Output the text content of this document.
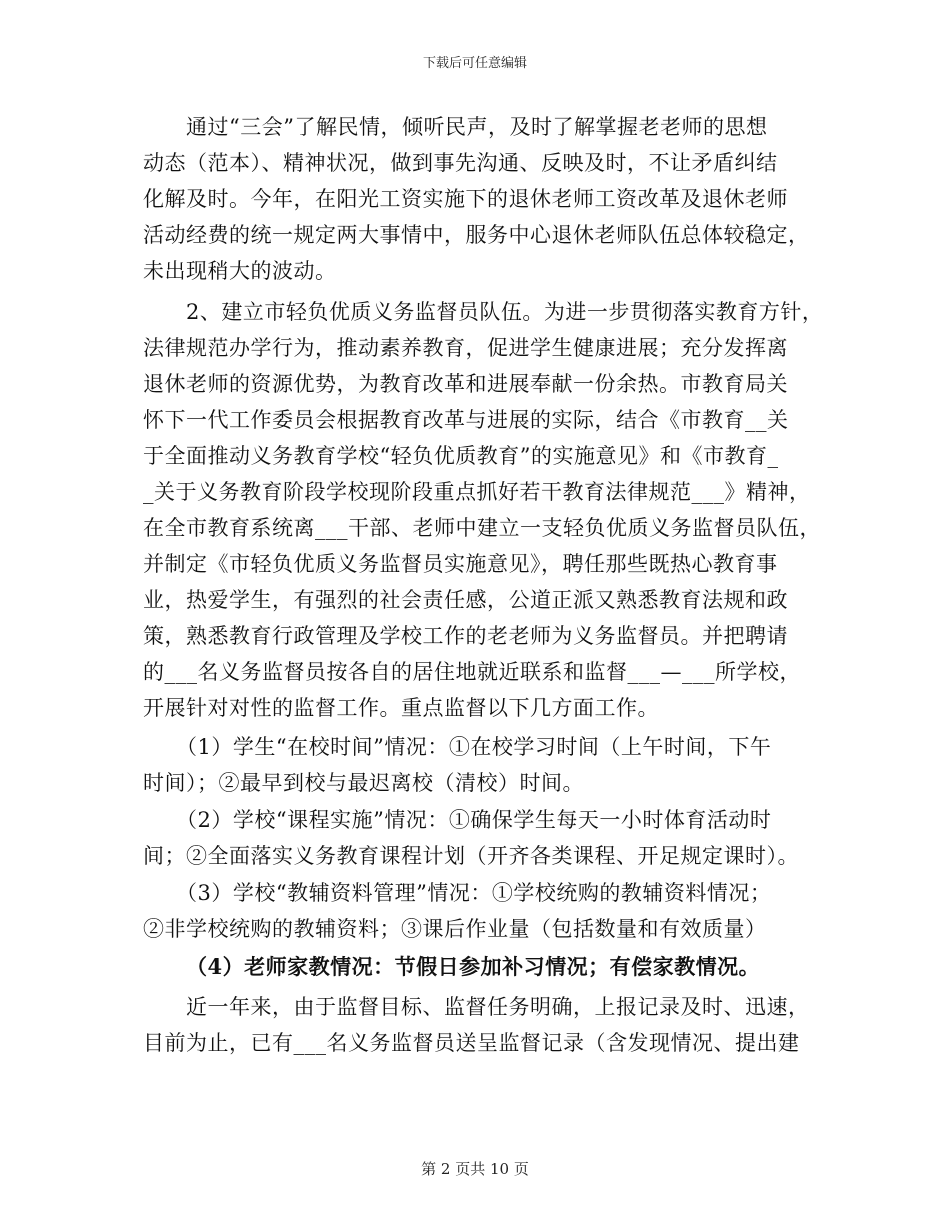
下载后可任意编辑
通过“三会”了解民情，倾听民声，及时了解掌握老老师的思想
动态（范本）、精神状况，做到事先沟通、反映及时，不让矛盾纠结
化解及时。今年，在阳光工资实施下的退休老师工资改革及退休老师
活动经费的统一规定两大事情中，服务中心退休老师队伍总体较稳定，
未出现稍大的波动。
2、建立市轻负优质义务监督员队伍。为进一步贯彻落实教育方针，
法律规范办学行为，推动素养教育，促进学生健康进展；充分发挥离
退休老师的资源优势，为教育改革和进展奉献一份余热。市教育局关
怀下一代工作委员会根据教育改革与进展的实际，结合《市教育__关
于全面推动义务教育学校“轻负优质教育”的实施意见》和《市教育_
_关于义务教育阶段学校现阶段重点抓好若干教育法律规范___》精神，
在全市教育系统离___干部、老师中建立一支轻负优质义务监督员队伍，
并制定《市轻负优质义务监督员实施意见》，聘任那些既热心教育事
业，热爱学生，有强烈的社会责任感，公道正派又熟悉教育法规和政
策，熟悉教育行政管理及学校工作的老老师为义务监督员。并把聘请
的___名义务监督员按各自的居住地就近联系和监督___—___所学校，
开展针对对性的监督工作。重点监督以下几方面工作。
（1）学生“在校时间”情况：①在校学习时间（上午时间，下午
时间）；②最早到校与最迟离校（清校）时间。
（2）学校“课程实施”情况：①确保学生每天一小时体育活动时
间；②全面落实义务教育课程计划（开齐各类课程、开足规定课时）。
（3）学校“教辅资料管理”情况：①学校统购的教辅资料情况；
②非学校统购的教辅资料；③课后作业量（包括数量和有效质量）
（4）老师家教情况：节假日参加补习情况；有偿家教情况。
近一年来，由于监督目标、监督任务明确，上报记录及时、迅速，
目前为止，已有___名义务监督员送呈监督记录（含发现情况、提出建
第 2 页共 10 页
